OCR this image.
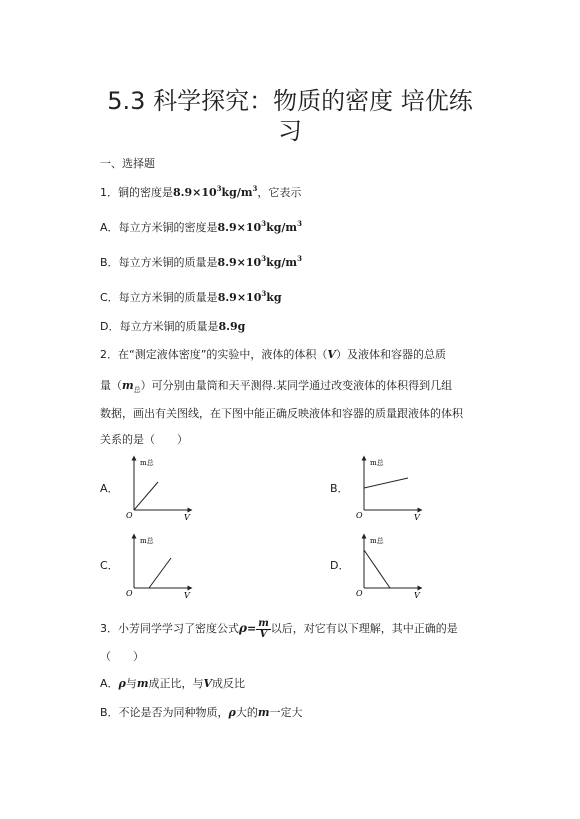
5.3 科学探究：物质的密度 培优练
习
一、选择题
1．铜的密度是$8.9\times 10^3kg/m^3$，它表示
A．每立方米铜的密度是$8.9\times 10^3kg/m^3$
B．每立方米铜的质量是$8.9\times 10^3kg/m^3$
C．每立方米铜的质量是$8.9\times 10^3kg$
D．每立方米铜的质量是8.9g
2．在“测定液体密度”的实验中，液体的体积（V）及液体和容器的总质
量$(m_总)$可分别由量筒和天平测得.某同学通过改变液体的体积得到几组
数据，画出有关图线，在下图中能正确反映液体和容器的质量跟液体的体积
关系的是（　　）
A．	B．
C．	D．
m总
O	V
m总
O	V
m总
O	V
m总
O	V
3．小芳同学学习了密度公式$\rho= \frac{m}{V}$ 以后，对它有以下理解，其中正确的是
（　　）
A．ρ与m成正比，与V成反比
B．不论是否为同种物质，ρ大的m一定大
